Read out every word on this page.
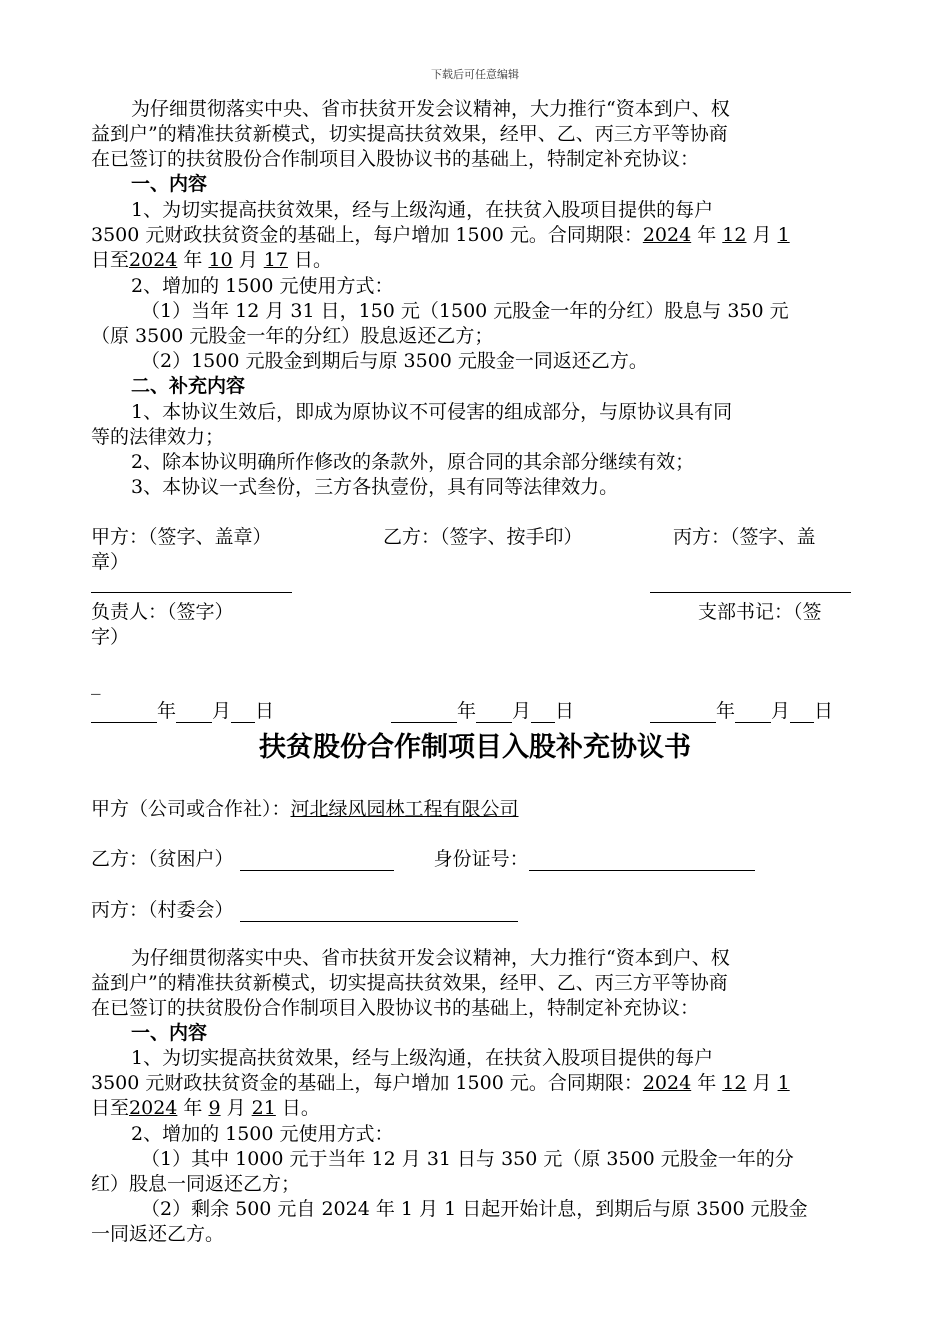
下载后可任意编辑
为仔细贯彻落实中央、省市扶贫开发会议精神，大力推行“资本到户、权
益到户”的精准扶贫新模式，切实提高扶贫效果，经甲、乙、丙三方平等协商
在已签订的扶贫股份合作制项目入股协议书的基础上，特制定补充协议：
一、内容
1、为切实提高扶贫效果，经与上级沟通，在扶贫入股项目提供的每户
3500 元财政扶贫资金的基础上，每户增加 1500 元。合同期限：2024 年 12 月 1
日至2024 年 10 月 17 日。
2、增加的 1500 元使用方式：
（1）当年 12 月 31 日，150 元（1500 元股金一年的分红）股息与 350 元
（原 3500 元股金一年的分红）股息返还乙方；
（2）1500 元股金到期后与原 3500 元股金一同返还乙方。
二、补充内容
1、本协议生效后，即成为原协议不可侵害的组成部分，与原协议具有同
等的法律效力；
2、除本协议明确所作修改的条款外，原合同的其余部分继续有效；
3、本协议一式叁份，三方各执壹份，具有同等法律效力。
甲方：（签字、盖章）	乙方：（签字、按手印）	丙方：（签字、盖
章）
负责人：（签字）	支部书记：（签
字）
_
年 月 日	年 月 日	年 月 日
扶贫股份合作制项目入股补充协议书
甲方（公司或合作社）：河北绿风园林工程有限公司
乙方：（贫困户）	身份证号：
丙方：（村委会）
为仔细贯彻落实中央、省市扶贫开发会议精神，大力推行“资本到户、权
益到户”的精准扶贫新模式，切实提高扶贫效果，经甲、乙、丙三方平等协商
在已签订的扶贫股份合作制项目入股协议书的基础上，特制定补充协议：
一、内容
1、为切实提高扶贫效果，经与上级沟通，在扶贫入股项目提供的每户
3500 元财政扶贫资金的基础上，每户增加 1500 元。合同期限：2024 年 12 月 1
日至2024 年 9 月 21 日。
2、增加的 1500 元使用方式：
（1）其中 1000 元于当年 12 月 31 日与 350 元（原 3500 元股金一年的分
红）股息一同返还乙方；
（2）剩余 500 元自 2024 年 1 月 1 日起开始计息，到期后与原 3500 元股金
一同返还乙方。
